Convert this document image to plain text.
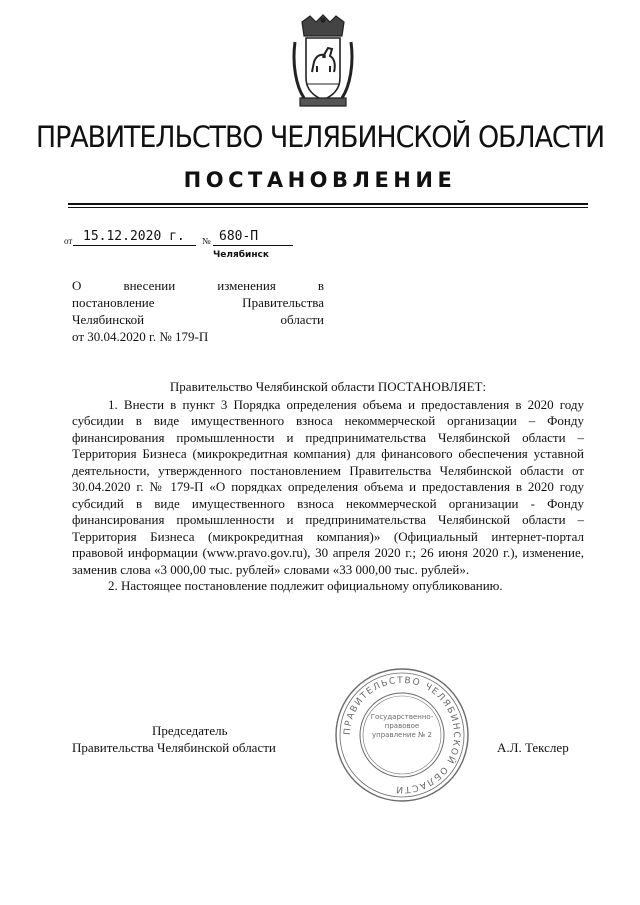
ПРАВИТЕЛЬСТВО ЧЕЛЯБИНСКОЙ ОБЛАСТИ
ПОСТАНОВЛЕНИЕ
от 15.12.2020 г. № 680-П
Челябинск
О внесении изменения в
постановление Правительства
Челябинской области
от 30.04.2020 г. № 179-П

Правительство Челябинской области ПОСТАНОВЛЯЕТ:

1. Внести в пункт 3 Порядка определения объема и предоставления в 2020 году субсидии в виде имущественного взноса некоммерческой организации – Фонду финансирования промышленности и предпринимательства Челябинской области – Территория Бизнеса (микрокредитная компания) для финансового обеспечения уставной деятельности, утвержденного постановлением Правительства Челябинской области от 30.04.2020 г. № 179-П «О порядках определения объема и предоставления в 2020 году субсидий в виде имущественного взноса некоммерческой организации - Фонду финансирования промышленности и предпринимательства Челябинской области – Территория Бизнеса (микрокредитная компания)» (Официальный интернет-портал правовой информации (www.pravo.gov.ru), 30 апреля 2020 г.; 26 июня 2020 г.), изменение, заменив слова «3 000,00 тыс. рублей» словами «33 000,00 тыс. рублей».

2. Настоящее постановление подлежит официальному опубликованию.

ПРАВИТЕЛЬСТВО ЧЕЛЯБИНСКОЙ ОБЛАСТИ
Государственно-правовое управление № 2
Председатель
Правительства Челябинской области	А.Л. Текслер
